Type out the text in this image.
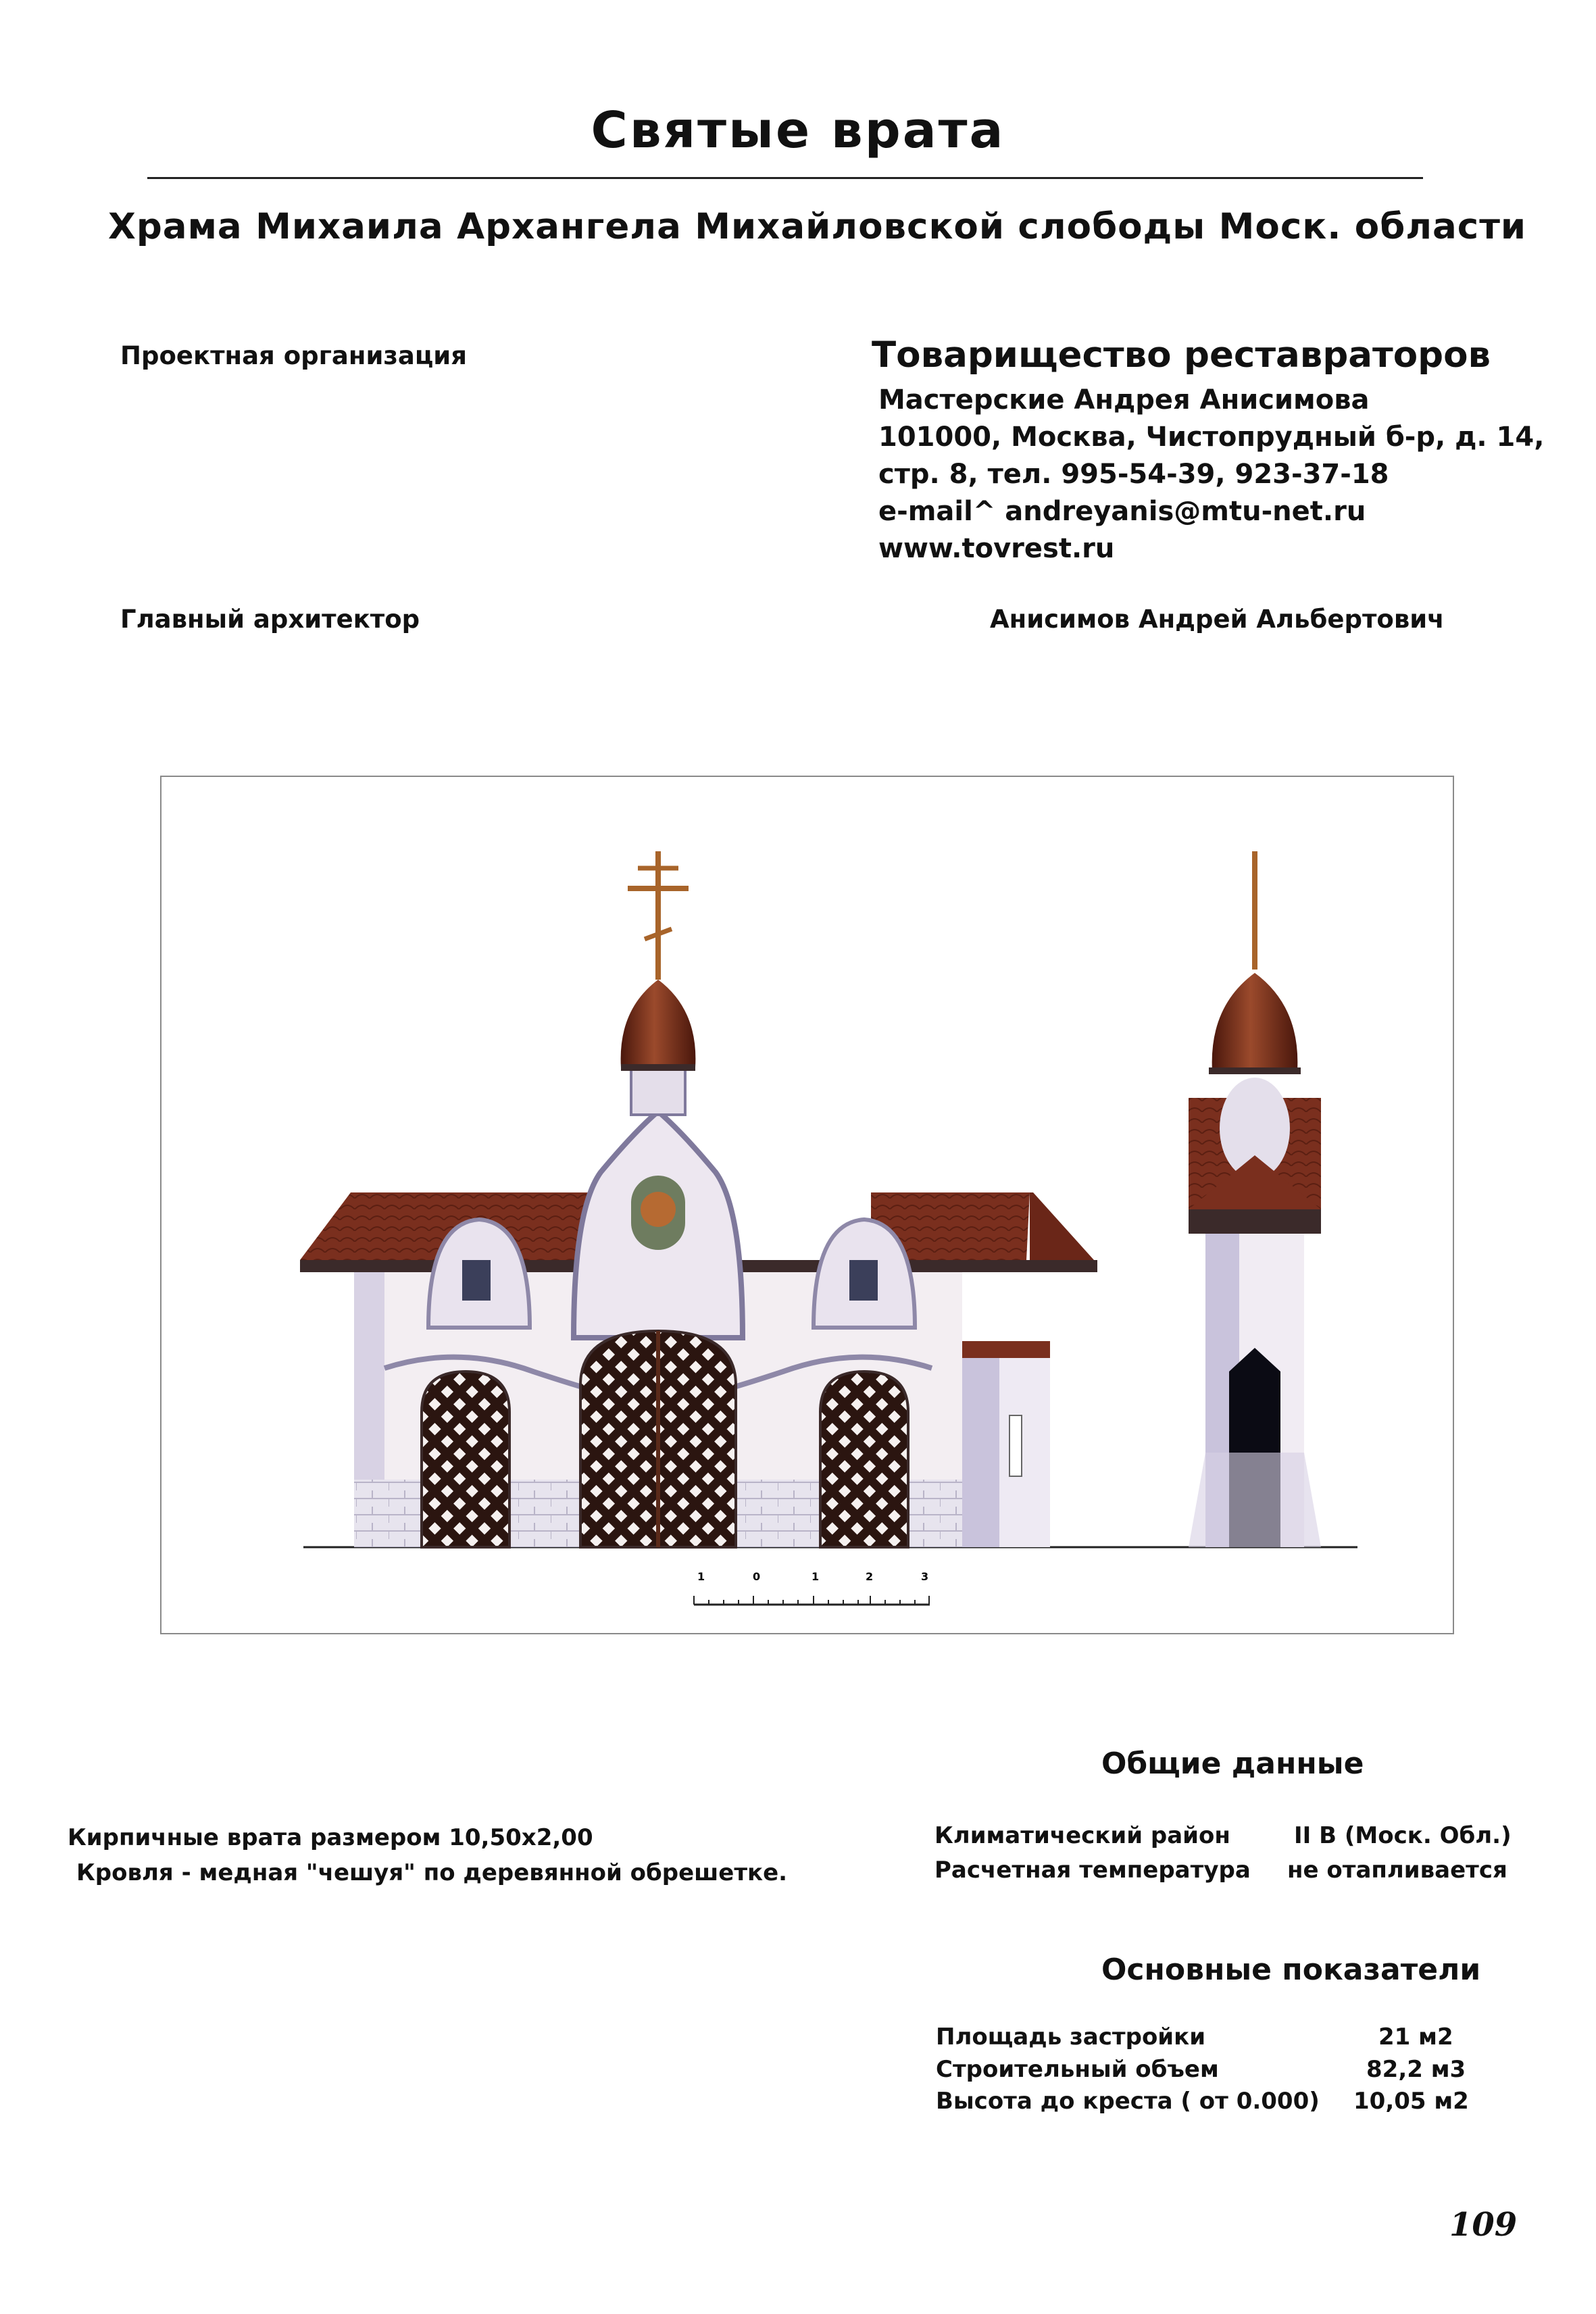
Святые врата
Храма Михаила Архангела Михайловской слободы Моск. области
Проектная организация	Товарищество реставраторов
Мастерские Андрея Анисимова
101000, Москва, Чистопрудный б-р, д. 14,
стр. 8, тел. 995-54-39, 923-37-18
e-mail^ andreyanis@mtu-net.ru
www.tovrest.ru
Главный архитектор	Анисимов Андрей Альбертович
1	0	1	2	3
Общие данные
Кирпичные врата размером 10,50x2,00
Кровля - медная "чешуя" по деревянной обрешетке.
Климатический район	II B (Моск. Обл.)
Расчетная температура не отапливается
Основные показатели
Площадь застройки	21 м2
Строительный объем	82,2 м3
Высота до креста ( от 0.000) 10,05 м2
109
